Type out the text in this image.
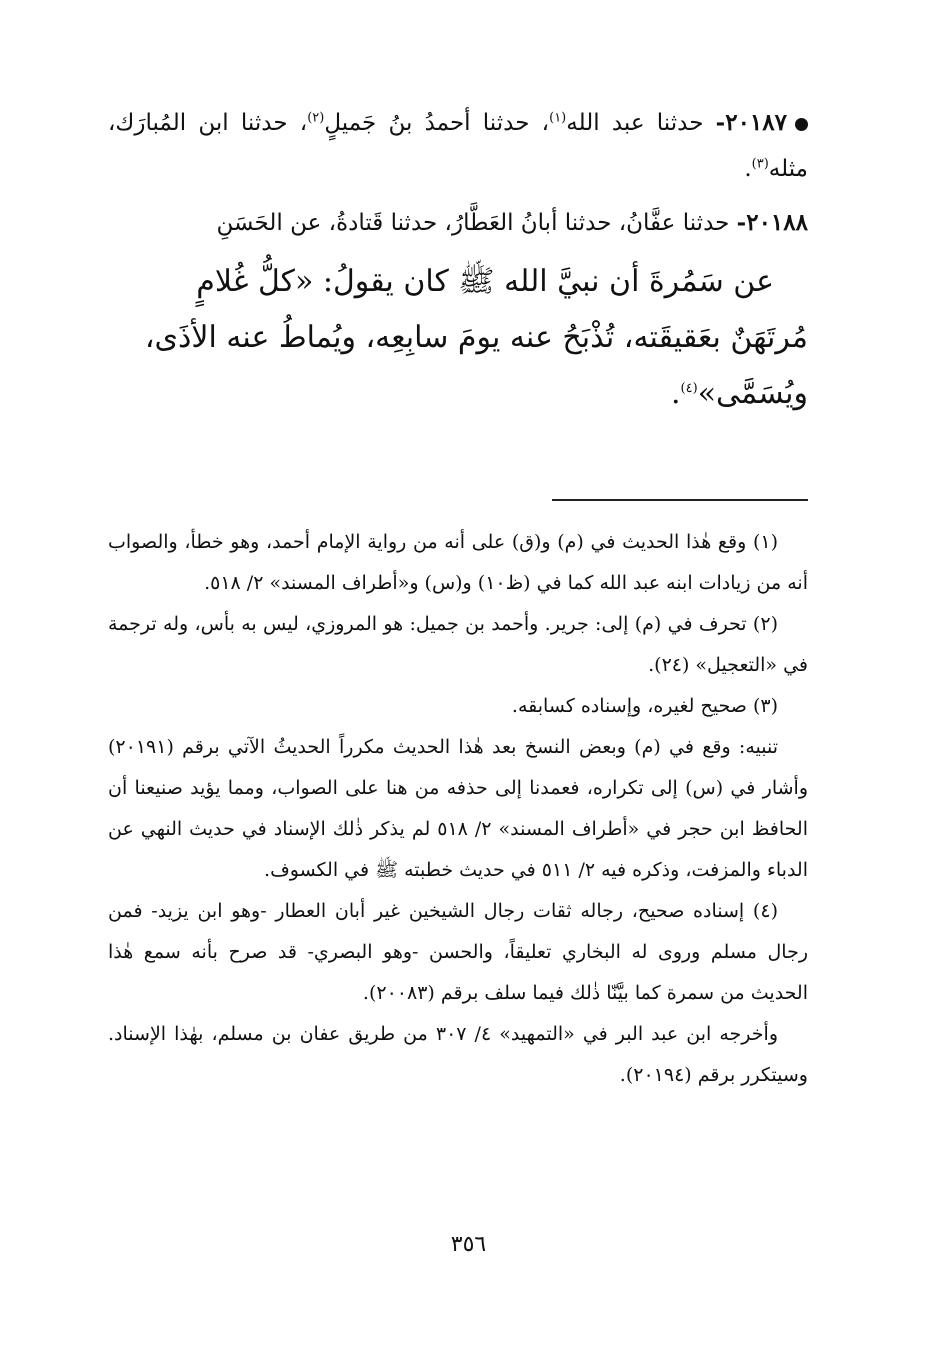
٢٠١٨٧- حدثنا عبد الله$^{(١)}$، حدثنا أحمدُ بنُ جَميلٍ$^{(٢)}$، حدثنا ابن المُبارَك، مثله$^{(٣)}$.

٢٠١٨٨- حدثنا عفَّانُ، حدثنا أبانُ العَطَّارُ، حدثنا قَتادةُ، عن الحَسَنِ

عن سَمُرةَ أن نبيَّ الله ﷺ كان يقولُ: «كلُّ غُلامٍ
مُرتَهَنٌ بعَقيقَته، تُذْبَحُ عنه يومَ سابِعِه، ويُماطُ عنه الأذَى،
ويُسَمَّى»$^{(٤)}$.

(١) وقع هٰذا الحديث في (م) و(ق) على أنه من رواية الإمام أحمد، وهو خطأ، والصواب أنه من زيادات ابنه عبد الله كما في (ظ١٠) و(س) و«أطراف المسند» ٢/ ٥١٨.

(٢) تحرف في (م) إلى: جرير. وأحمد بن جميل: هو المروزي، ليس به بأس، وله ترجمة في «التعجيل» (٢٤).

(٣) صحيح لغيره، وإسناده كسابقه.

تنبيه: وقع في (م) وبعض النسخ بعد هٰذا الحديث مكرراً الحديثُ الآتي برقم (٢٠١٩١) وأشار في (س) إلى تكراره، فعمدنا إلى حذفه من هنا على الصواب، ومما يؤيد صنيعنا أن الحافظ ابن حجر في «أطراف المسند» ٢/ ٥١٨ لم يذكر ذٰلك الإسناد في حديث النهي عن الدباء والمزفت، وذكره فيه ٢/ ٥١١ في حديث خطبته ﷺ في الكسوف.

(٤) إسناده صحيح، رجاله ثقات رجال الشيخين غير أبان العطار -وهو ابن يزيد- فمن رجال مسلم وروى له البخاري تعليقاً، والحسن -وهو البصري- قد صرح بأنه سمع هٰذا الحديث من سمرة كما بيَّنّا ذٰلك فيما سلف برقم (٢٠٠٨٣).

وأخرجه ابن عبد البر في «التمهيد» ٤/ ٣٠٧ من طريق عفان بن مسلم، بهٰذا الإسناد. وسيتكرر برقم (٢٠١٩٤).

٣٥٦
